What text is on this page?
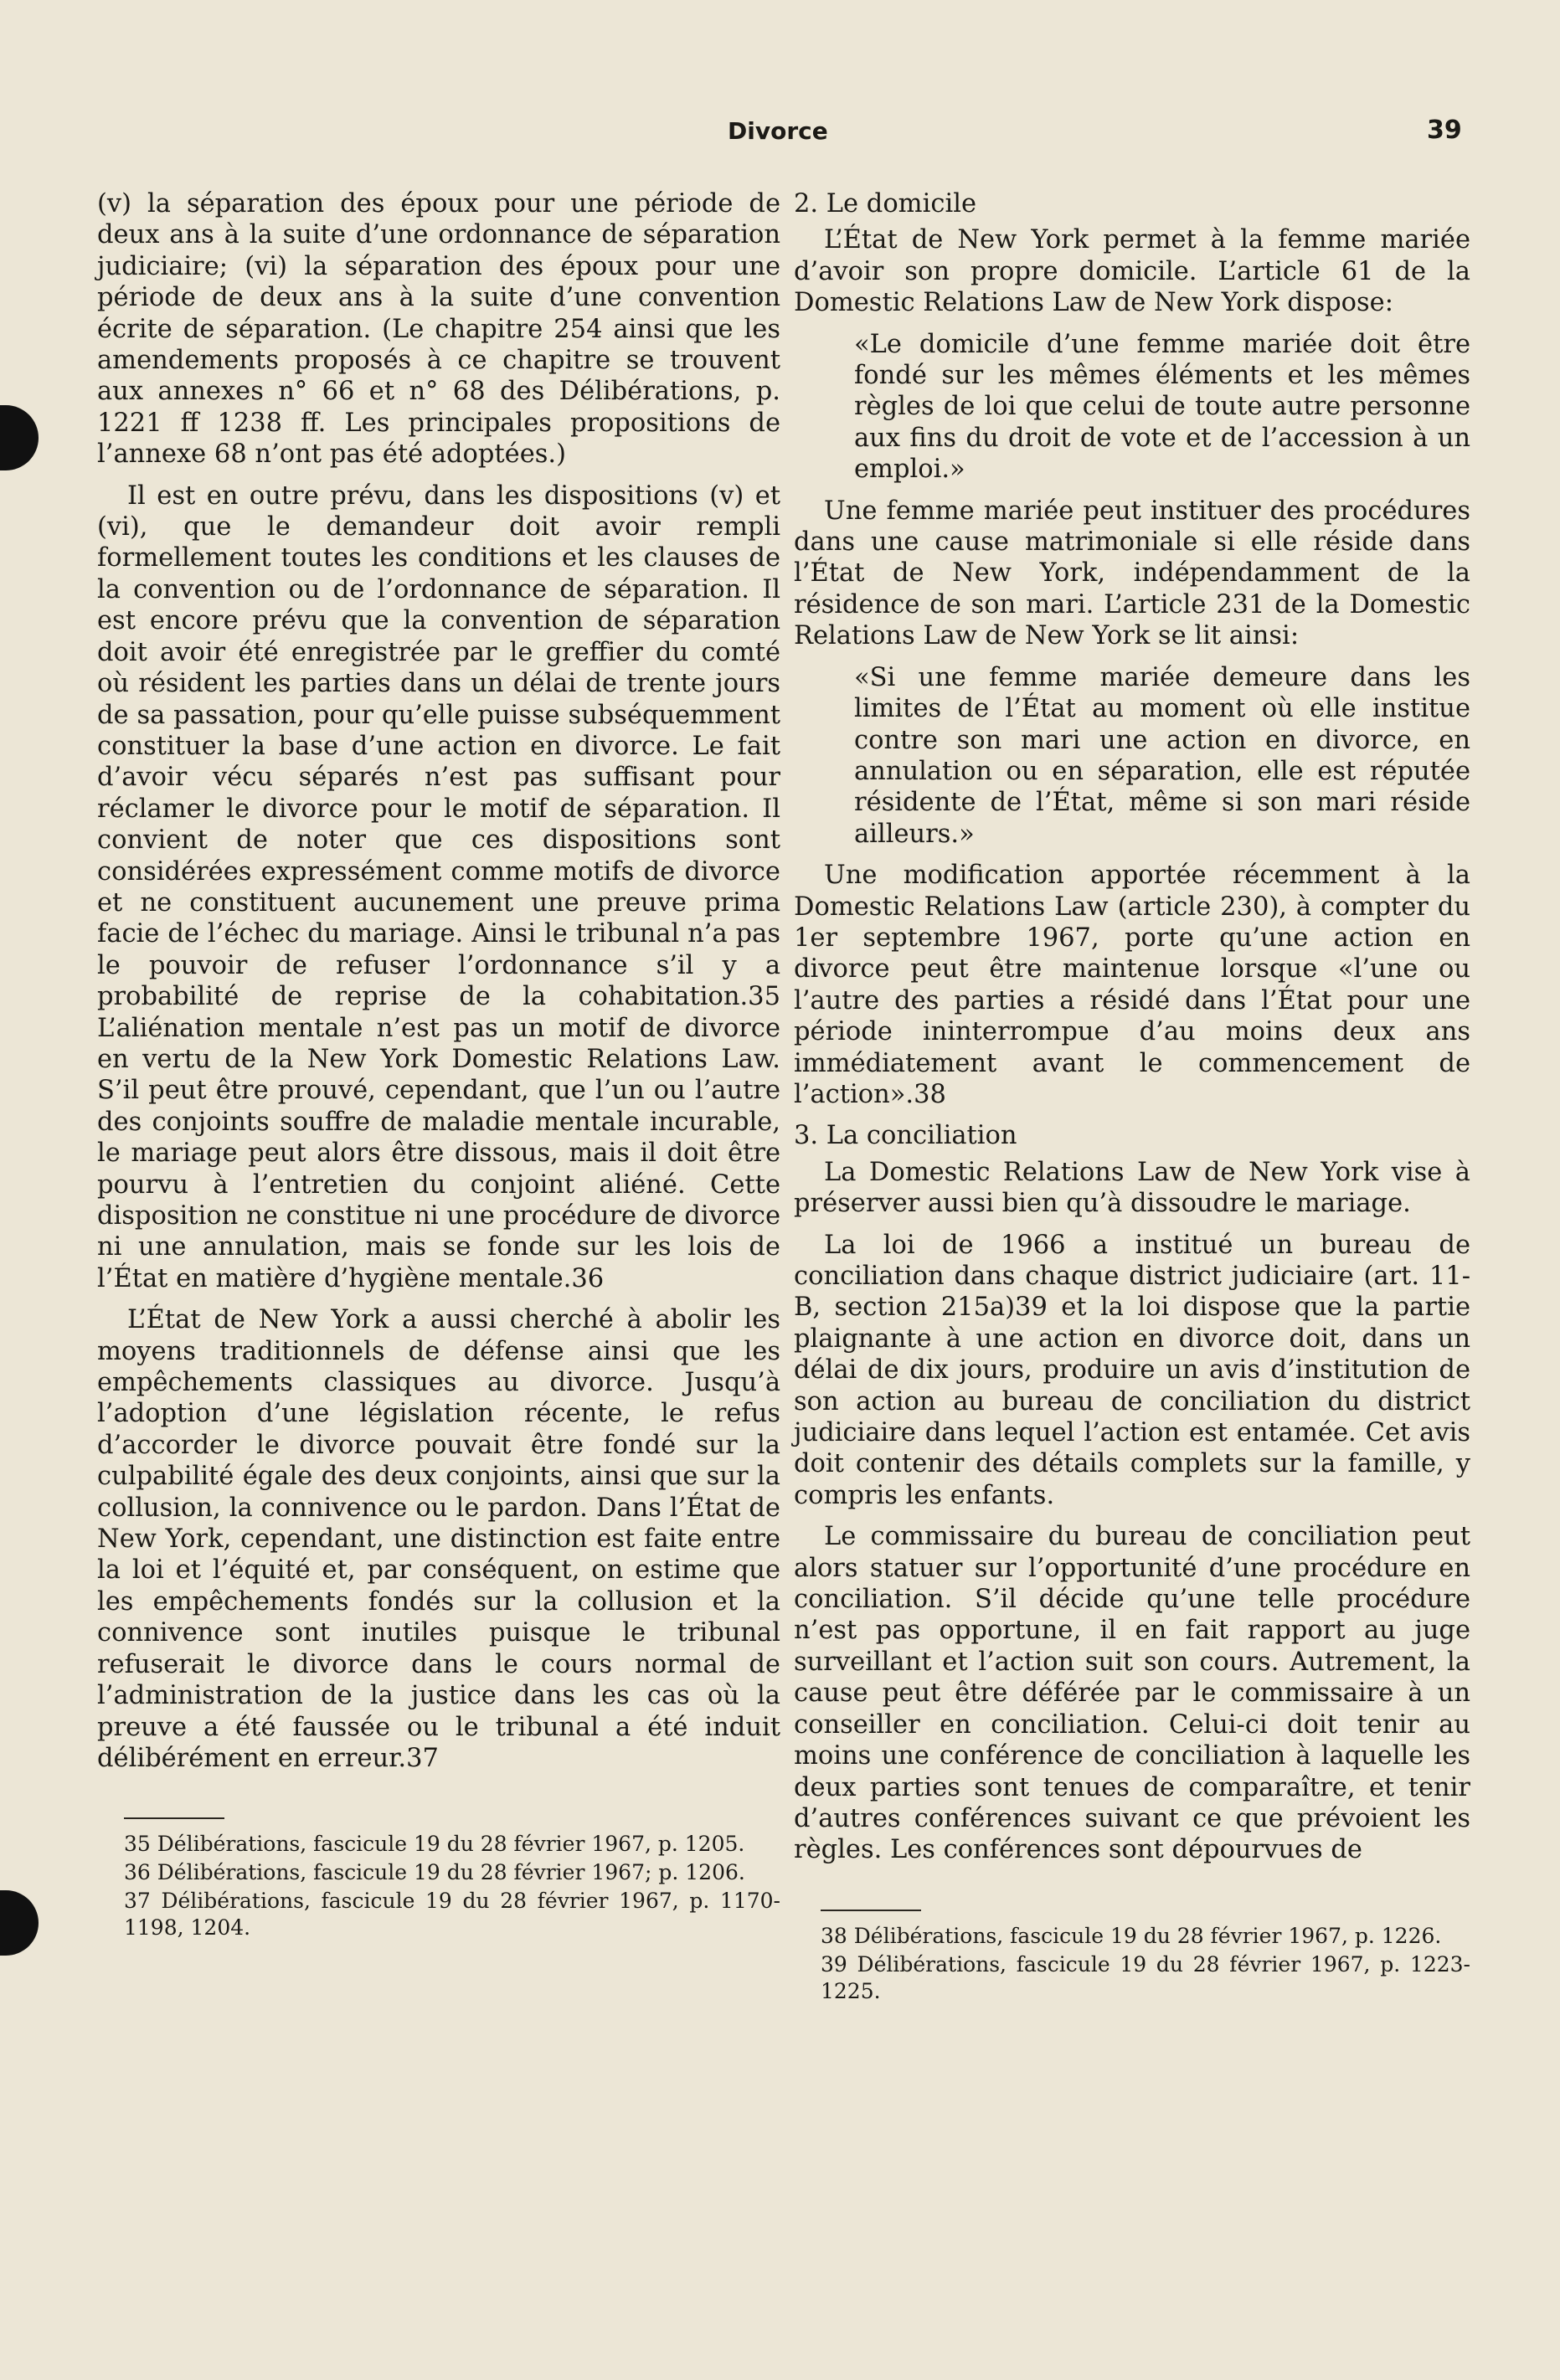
Divorce	39

(v) la séparation des époux pour une période de deux ans à la suite d’une ordonnance de séparation judiciaire; (vi) la séparation des époux pour une période de deux ans à la suite d’une convention écrite de séparation. (Le chapitre 254 ainsi que les amendements proposés à ce chapitre se trouvent aux annexes n° 66 et n° 68 des Délibérations, p. 1221 ff 1238 ff. Les principales propositions de l’annexe 68 n’ont pas été adoptées.)

Il est en outre prévu, dans les dispositions (v) et (vi), que le demandeur doit avoir rempli formellement toutes les conditions et les clauses de la convention ou de l’ordonnance de séparation. Il est encore prévu que la convention de séparation doit avoir été enregistrée par le greffier du comté où résident les parties dans un délai de trente jours de sa passation, pour qu’elle puisse subséquemment constituer la base d’une action en divorce. Le fait d’avoir vécu séparés n’est pas suffisant pour réclamer le divorce pour le motif de séparation. Il convient de noter que ces dispositions sont considérées expressément comme motifs de divorce et ne constituent aucunement une preuve prima facie de l’échec du mariage. Ainsi le tribunal n’a pas le pouvoir de refuser l’ordonnance s’il y a probabilité de reprise de la cohabitation.35 L’aliénation mentale n’est pas un motif de divorce en vertu de la New York Domestic Relations Law. S’il peut être prouvé, cependant, que l’un ou l’autre des conjoints souffre de maladie mentale incurable, le mariage peut alors être dissous, mais il doit être pourvu à l’entretien du conjoint aliéné. Cette disposition ne constitue ni une procédure de divorce ni une annulation, mais se fonde sur les lois de l’État en matière d’hygiène mentale.36

L’État de New York a aussi cherché à abolir les moyens traditionnels de défense ainsi que les empêchements classiques au divorce. Jusqu’à l’adoption d’une législation récente, le refus d’accorder le divorce pouvait être fondé sur la culpabilité égale des deux conjoints, ainsi que sur la collusion, la connivence ou le pardon. Dans l’État de New York, cependant, une distinction est faite entre la loi et l’équité et, par conséquent, on estime que les empêchements fondés sur la collusion et la connivence sont inutiles puisque le tribunal refuserait le divorce dans le cours normal de l’administration de la justice dans les cas où la preuve a été faussée ou le tribunal a été induit délibérément en erreur.37

35 Délibérations, fascicule 19 du 28 février 1967, p. 1205.

36 Délibérations, fascicule 19 du 28 février 1967; p. 1206.

37 Délibérations, fascicule 19 du 28 février 1967, p. 1170-1198, 1204.

2. Le domicile

L’État de New York permet à la femme mariée d’avoir son propre domicile. L’article 61 de la Domestic Relations Law de New York dispose:

«Le domicile d’une femme mariée doit être fondé sur les mêmes éléments et les mêmes règles de loi que celui de toute autre personne aux fins du droit de vote et de l’accession à un emploi.»

Une femme mariée peut instituer des procédures dans une cause matrimoniale si elle réside dans l’État de New York, indépendamment de la résidence de son mari. L’article 231 de la Domestic Relations Law de New York se lit ainsi:

«Si une femme mariée demeure dans les limites de l’État au moment où elle institue contre son mari une action en divorce, en annulation ou en séparation, elle est réputée résidente de l’État, même si son mari réside ailleurs.»

Une modification apportée récemment à la Domestic Relations Law (article 230), à compter du 1er septembre 1967, porte qu’une action en divorce peut être maintenue lorsque «l’une ou l’autre des parties a résidé dans l’État pour une période ininterrompue d’au moins deux ans immédiatement avant le commencement de l’action».38

3. La conciliation

La Domestic Relations Law de New York vise à préserver aussi bien qu’à dissoudre le mariage.

La loi de 1966 a institué un bureau de conciliation dans chaque district judiciaire (art. 11-B, section 215a)39 et la loi dispose que la partie plaignante à une action en divorce doit, dans un délai de dix jours, produire un avis d’institution de son action au bureau de conciliation du district judiciaire dans lequel l’action est entamée. Cet avis doit contenir des détails complets sur la famille, y compris les enfants.

Le commissaire du bureau de conciliation peut alors statuer sur l’opportunité d’une procédure en conciliation. S’il décide qu’une telle procédure n’est pas opportune, il en fait rapport au juge surveillant et l’action suit son cours. Autrement, la cause peut être déférée par le commissaire à un conseiller en conciliation. Celui-ci doit tenir au moins une conférence de conciliation à laquelle les deux parties sont tenues de comparaître, et tenir d’autres conférences suivant ce que prévoient les règles. Les conférences sont dépourvues de

38 Délibérations, fascicule 19 du 28 février 1967, p. 1226.

39 Délibérations, fascicule 19 du 28 février 1967, p. 1223-1225.
